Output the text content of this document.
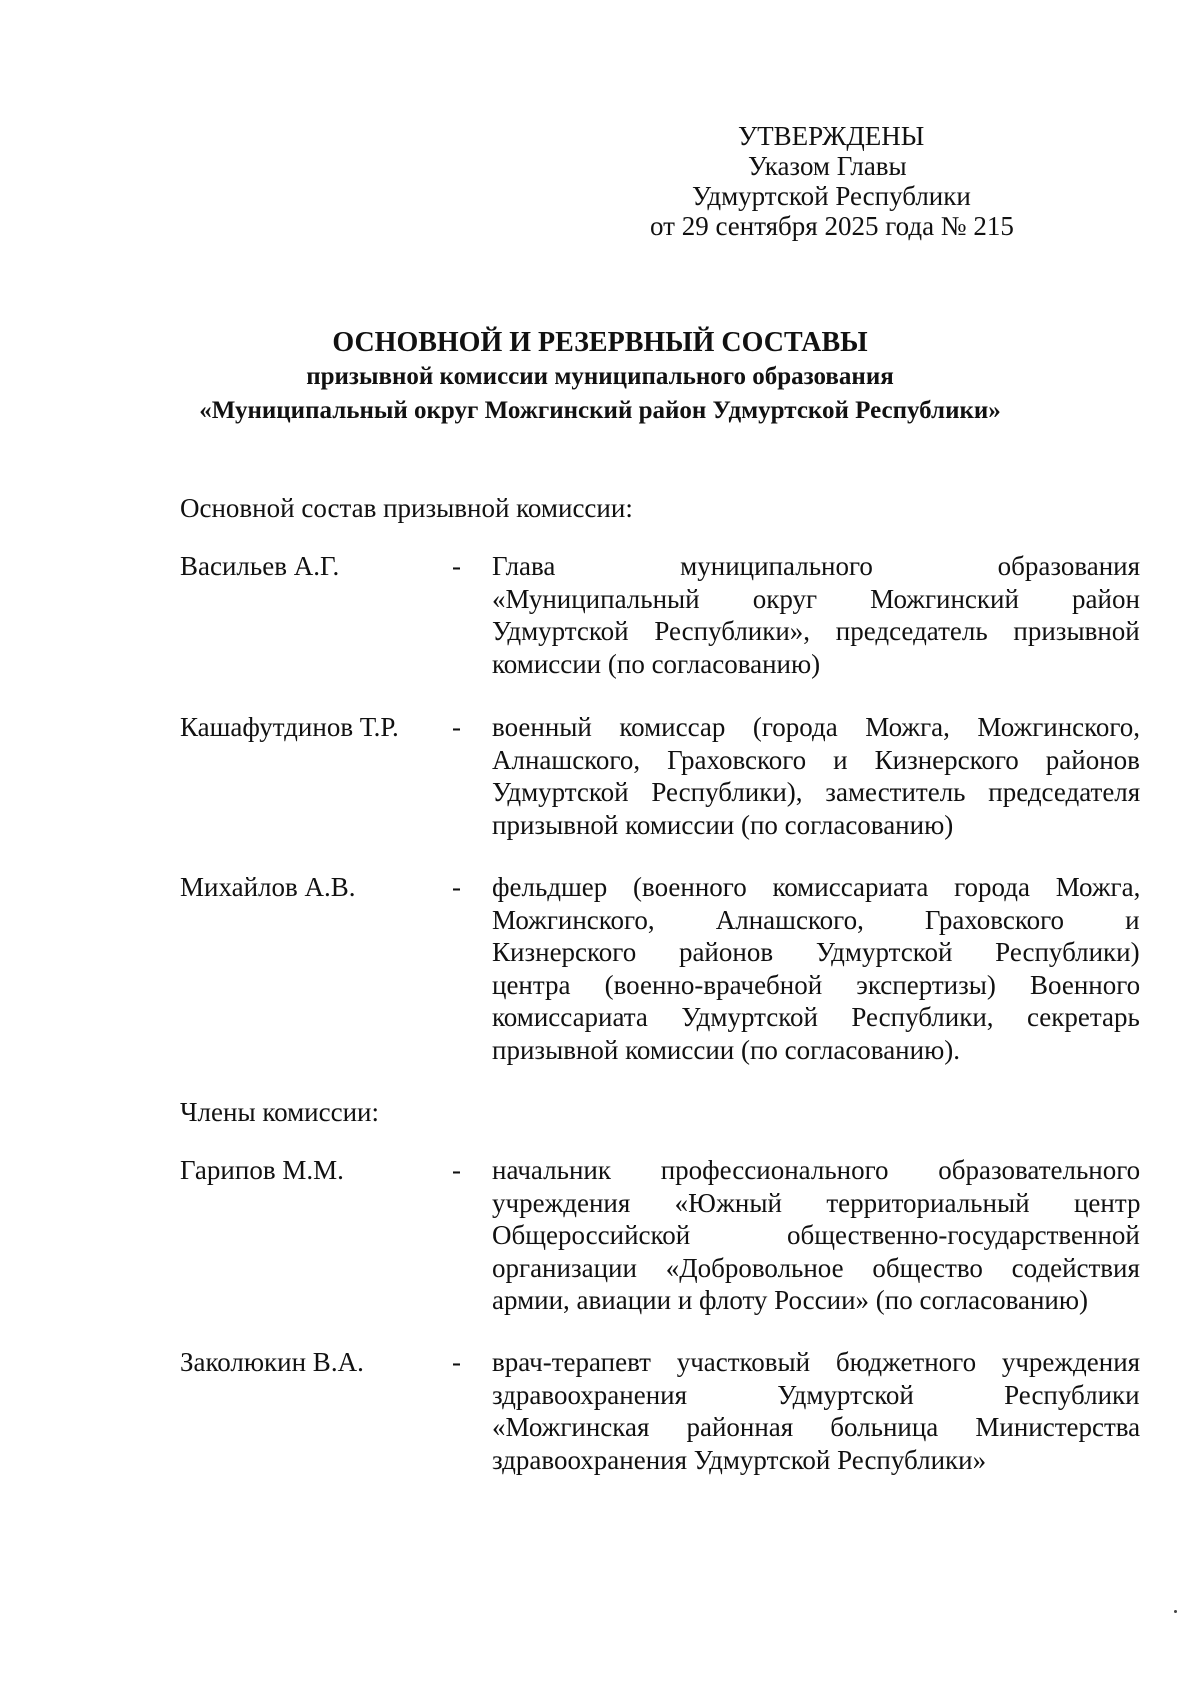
УТВЕРЖДЕНЫ
Указом Главы
Удмуртской Республики
от 29 сентября 2025 года № 215
ОСНОВНОЙ И РЕЗЕРВНЫЙ СОСТАВЫ
призывной комиссии муниципального образования
«Муниципальный округ Можгинский район Удмуртской Республики»
Основной состав призывной комиссии:
Васильев А.Г.	- Глава муниципального образования
«Муниципальный округ Можгинский район
Удмуртской Республики», председатель призывной
комиссии (по согласованию)
Кашафутдинов Т.Р. - военный комиссар (города Можга, Можгинского,
Алнашского, Граховского и Кизнерского районов
Удмуртской Республики), заместитель председателя
призывной комиссии (по согласованию)
Михайлов А.В.	- фельдшер (военного комиссариата города Можга,
Можгинского, Алнашского, Граховского и
Кизнерского районов Удмуртской Республики)
центра (военно-врачебной экспертизы) Военного
комиссариата Удмуртской Республики, секретарь
призывной комиссии (по согласованию).
Члены комиссии:
Гарипов М.М.	- начальник профессионального образовательного
учреждения «Южный территориальный центр
Общероссийской общественно-государственной
организации «Добровольное общество содействия
армии, авиации и флоту России» (по согласованию)
Заколюкин В.А.	- врач-терапевт участковый бюджетного учреждения
здравоохранения Удмуртской Республики
«Можгинская районная больница Министерства
здравоохранения Удмуртской Республики»
